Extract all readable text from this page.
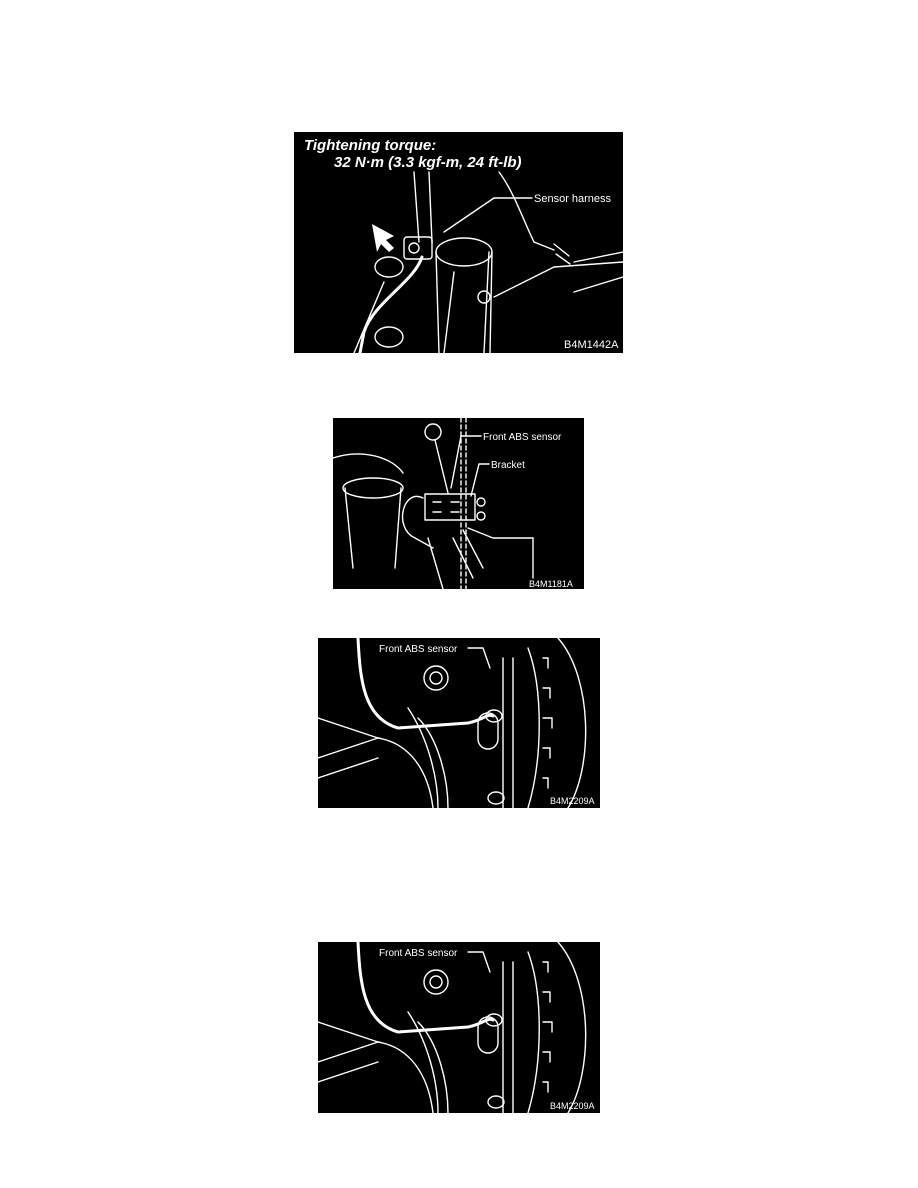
Tightening torque:
32 N·m (3.3 kgf-m, 24 ft-lb)
Sensor harness
B4M1442A
Front ABS sensor
Bracket
B4M1181A
Front ABS sensor
B4M2209A
Front ABS sensor
B4M2209A
